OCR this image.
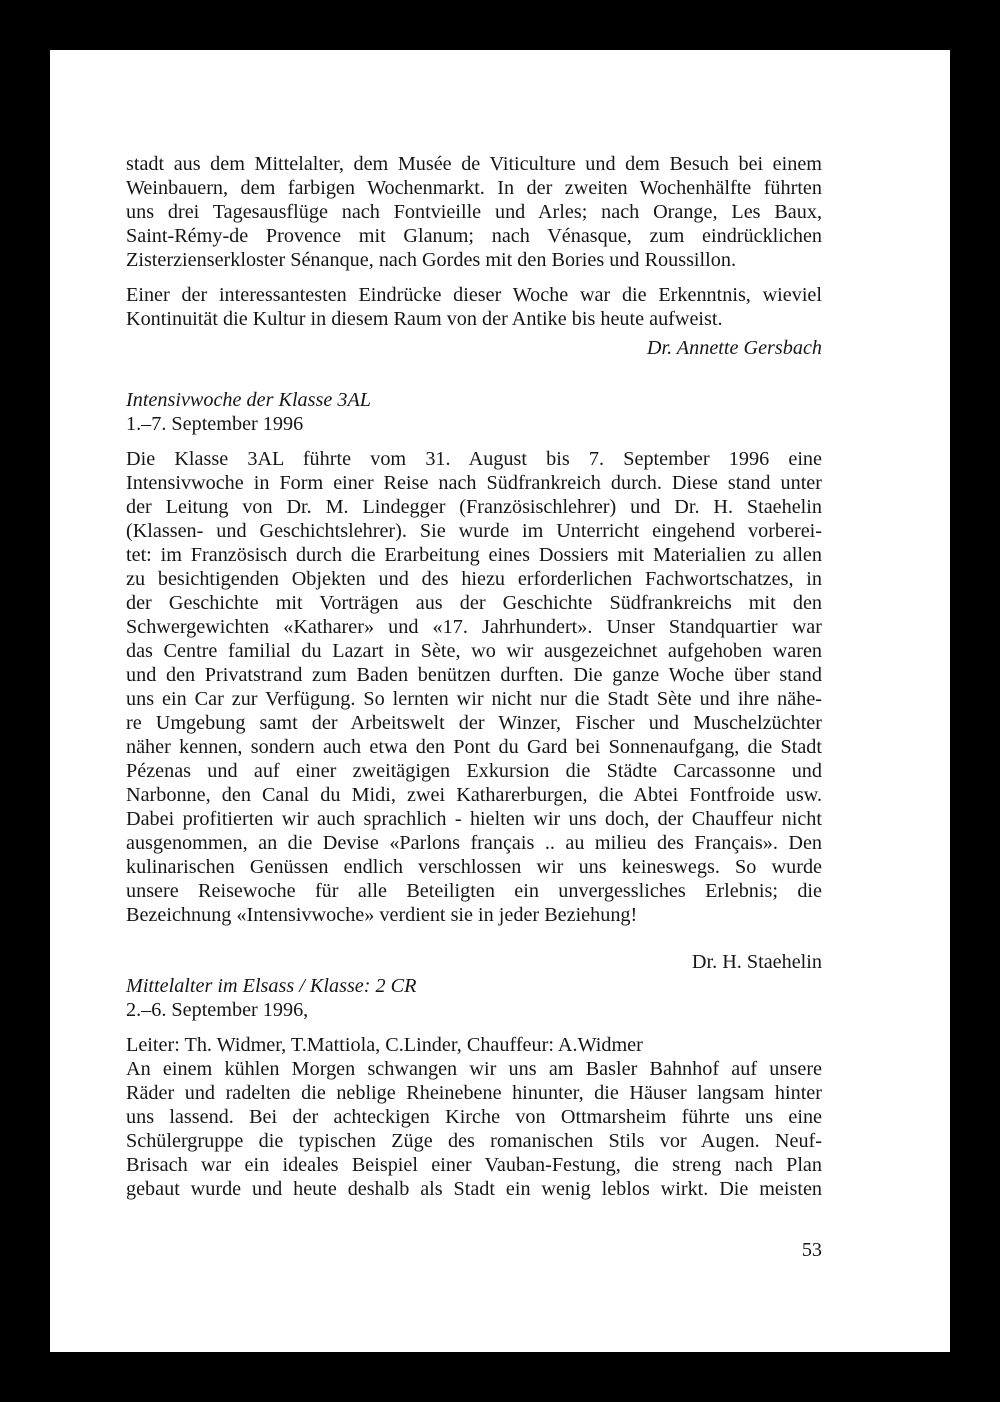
stadt aus dem Mittelalter, dem Musée de Viticulture und dem Besuch bei einem
Weinbauern, dem farbigen Wochenmarkt. In der zweiten Wochenhälfte führten
uns drei Tagesausflüge nach Fontvieille und Arles; nach Orange, Les Baux,
Saint-Rémy-de Provence mit Glanum; nach Vénasque, zum eindrücklichen
Zisterzienserkloster Sénanque, nach Gordes mit den Bories und Roussillon.

Einer der interessantesten Eindrücke dieser Woche war die Erkenntnis, wieviel
Kontinuität die Kultur in diesem Raum von der Antike bis heute aufweist.

Dr. Annette Gersbach

Intensivwoche der Klasse 3AL
1.–7. September 1996

Die Klasse 3AL führte vom 31. August bis 7. September 1996 eine
Intensivwoche in Form einer Reise nach Südfrankreich durch. Diese stand unter
der Leitung von Dr. M. Lindegger (Französischlehrer) und Dr. H. Staehelin
(Klassen- und Geschichtslehrer). Sie wurde im Unterricht eingehend vorberei-
tet: im Französisch durch die Erarbeitung eines Dossiers mit Materialien zu allen
zu besichtigenden Objekten und des hiezu erforderlichen Fachwortschatzes, in
der Geschichte mit Vorträgen aus der Geschichte Südfrankreichs mit den
Schwergewichten «Katharer» und «17. Jahrhundert». Unser Standquartier war
das Centre familial du Lazart in Sète, wo wir ausgezeichnet aufgehoben waren
und den Privatstrand zum Baden benützen durften. Die ganze Woche über stand
uns ein Car zur Verfügung. So lernten wir nicht nur die Stadt Sète und ihre nähe-
re Umgebung samt der Arbeitswelt der Winzer, Fischer und Muschelzüchter
näher kennen, sondern auch etwa den Pont du Gard bei Sonnenaufgang, die Stadt
Pézenas und auf einer zweitägigen Exkursion die Städte Carcassonne und
Narbonne, den Canal du Midi, zwei Katharerburgen, die Abtei Fontfroide usw.
Dabei profitierten wir auch sprachlich - hielten wir uns doch, der Chauffeur nicht
ausgenommen, an die Devise «Parlons français .. au milieu des Français». Den
kulinarischen Genüssen endlich verschlossen wir uns keineswegs. So wurde
unsere Reisewoche für alle Beteiligten ein unvergessliches Erlebnis; die
Bezeichnung «Intensivwoche» verdient sie in jeder Beziehung!

Dr. H. Staehelin

Mittelalter im Elsass / Klasse: 2 CR
2.–6. September 1996,

Leiter: Th. Widmer, T.Mattiola, C.Linder, Chauffeur: A.Widmer

An einem kühlen Morgen schwangen wir uns am Basler Bahnhof auf unsere
Räder und radelten die neblige Rheinebene hinunter, die Häuser langsam hinter
uns lassend. Bei der achteckigen Kirche von Ottmarsheim führte uns eine
Schülergruppe die typischen Züge des romanischen Stils vor Augen. Neuf-
Brisach war ein ideales Beispiel einer Vauban-Festung, die streng nach Plan
gebaut wurde und heute deshalb als Stadt ein wenig leblos wirkt. Die meisten

53
